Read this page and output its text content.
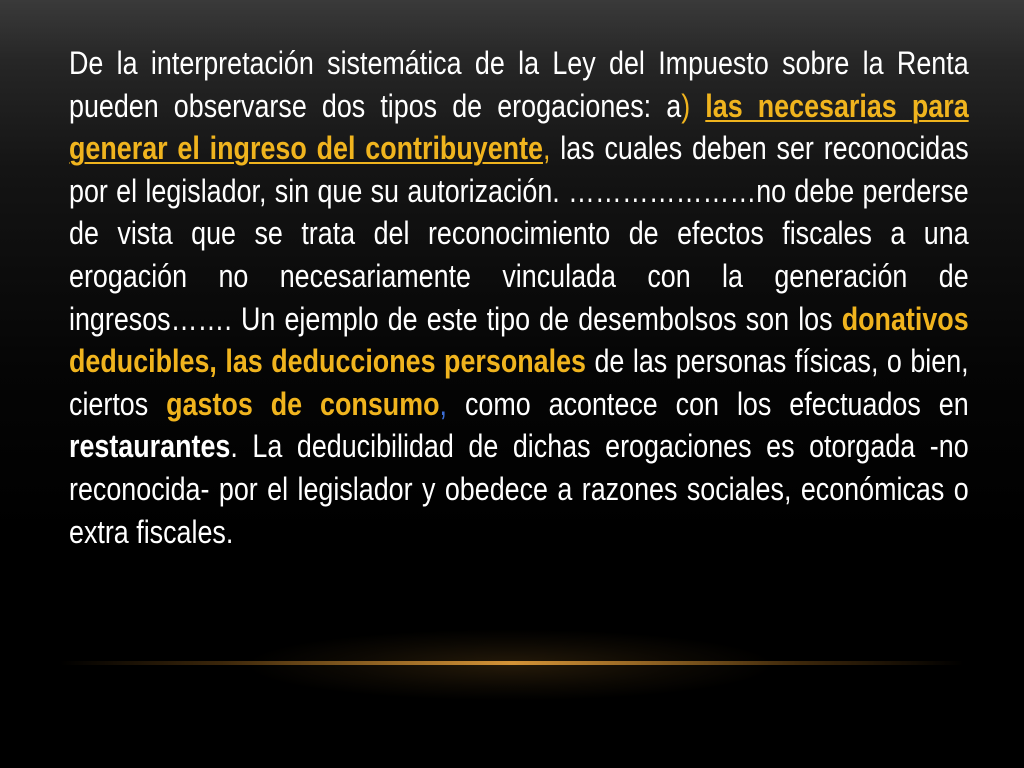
De la interpretación sistemática de la Ley del Impuesto sobre la Renta pueden observarse dos tipos de erogaciones: a) las necesarias para generar el ingreso del contribuyente, las cuales deben ser reconocidas por el legislador, sin que su autorización. …………………no debe perderse de vista que se trata del reconocimiento de efectos fiscales a una erogación no necesariamente vinculada con la generación de ingresos……. Un ejemplo de este tipo de desembolsos son los donativos deducibles, las deducciones personales de las personas físicas, o bien, ciertos gastos de consumo, como acontece con los efectuados en restaurantes. La deducibilidad de dichas erogaciones es otorgada -no reconocida- por el legislador y obedece a razones sociales, económicas o extra fiscales.
